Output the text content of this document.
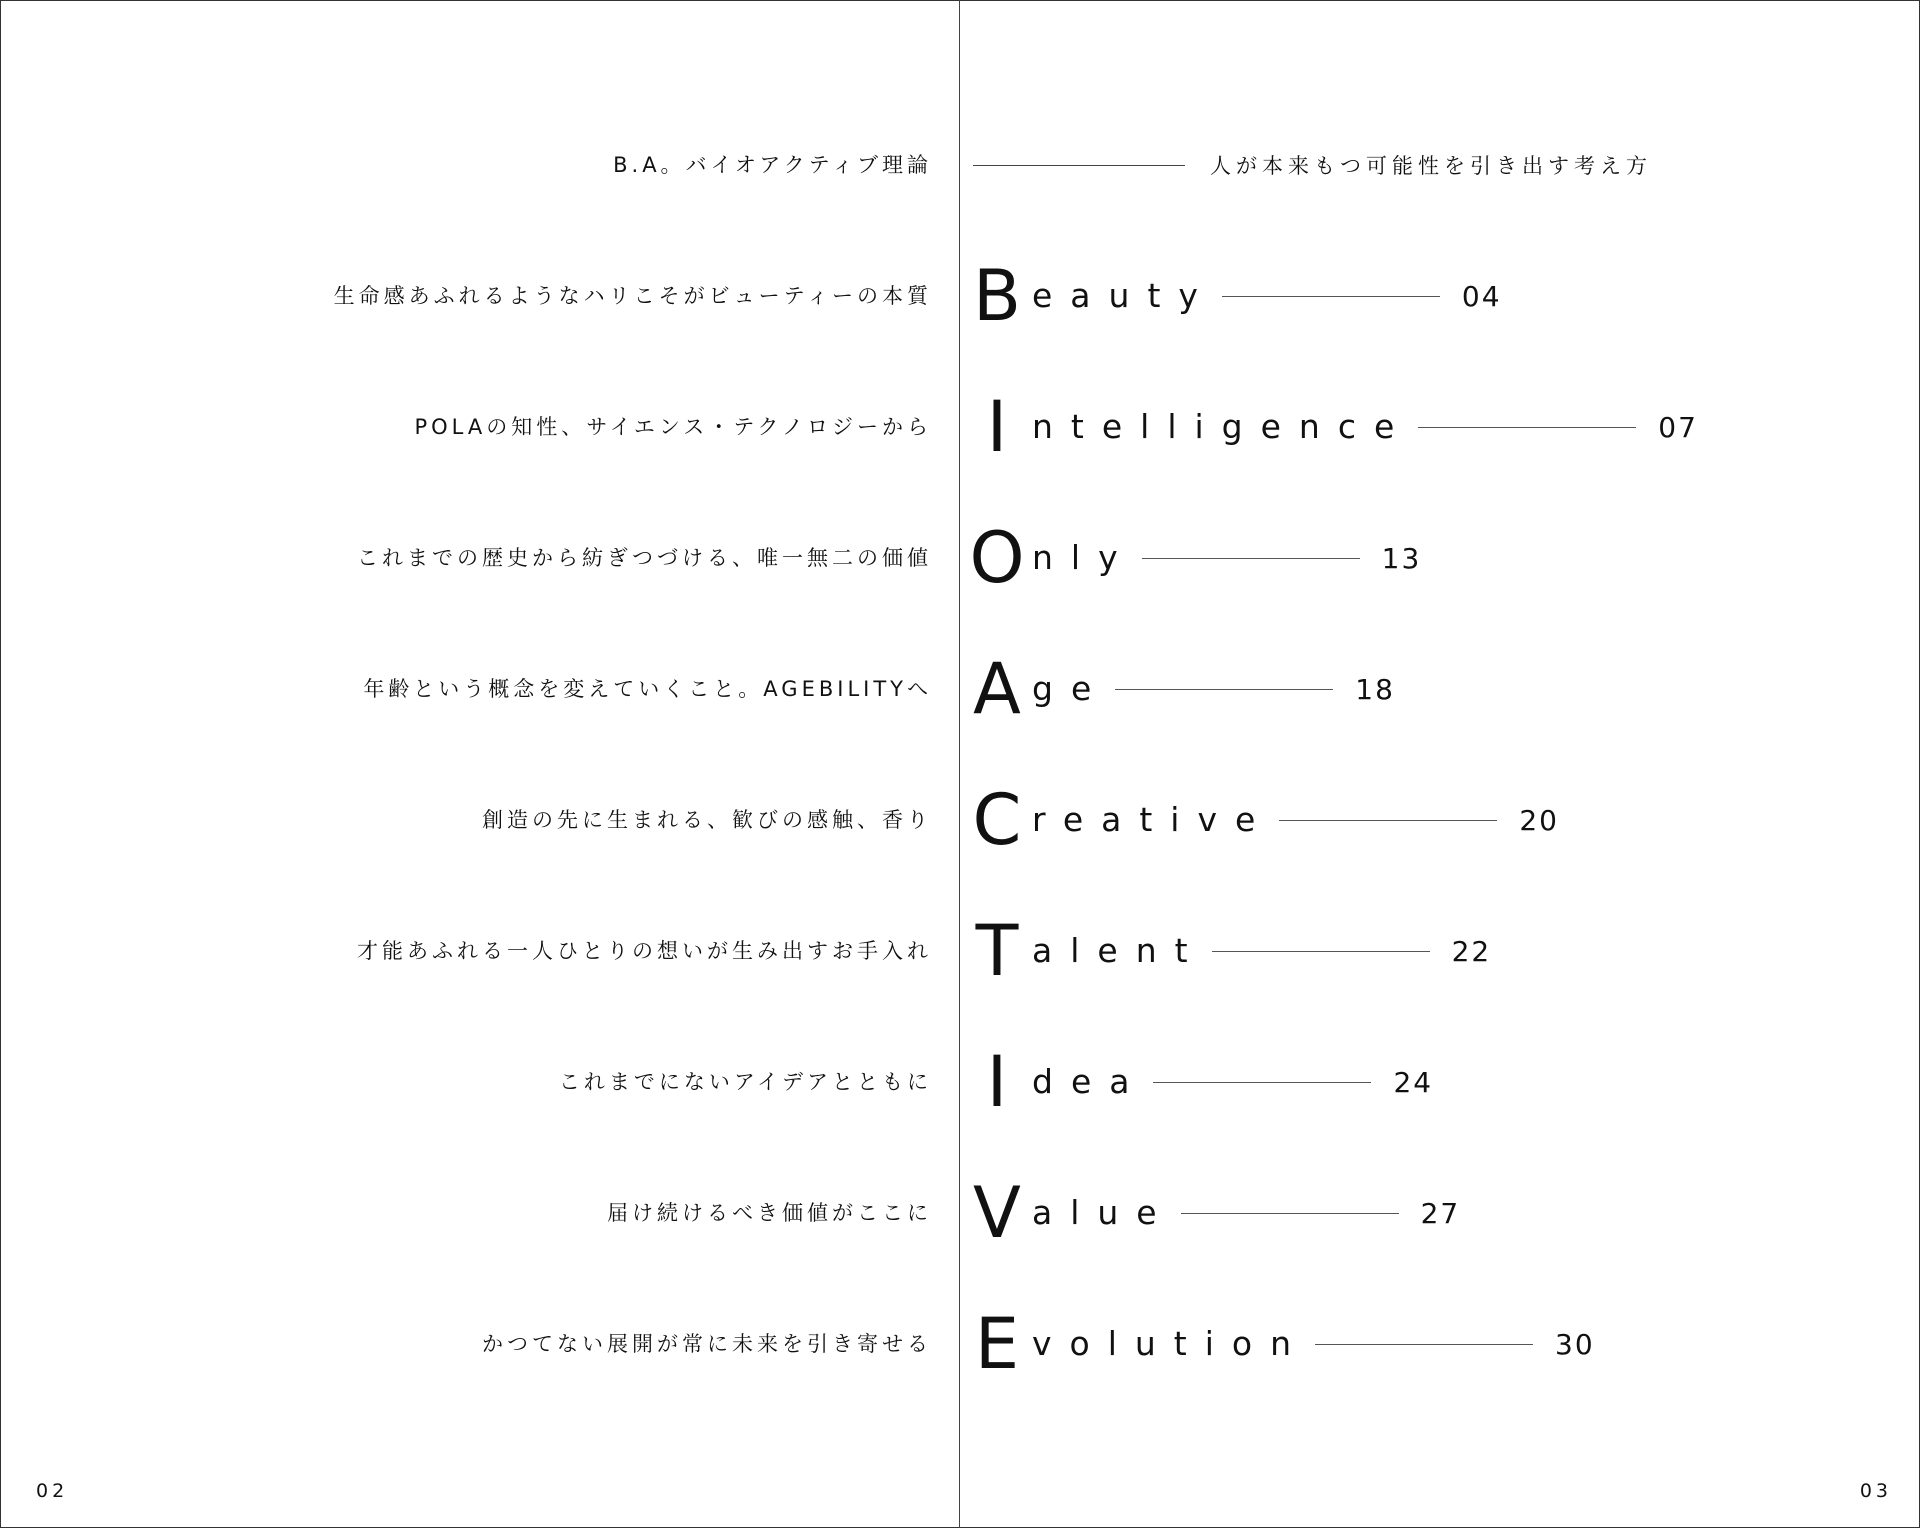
B.A。バイオアクティブ理論	人が本来もつ可能性を引き出す考え方
生命感あふれるようなハリこそがビューティーの本質 B eauty	04
POLAの知性、サイエンス・テクノロジーから I ntelligence	07
これまでの歴史から紡ぎつづける、唯一無二の価値 O nly	13
年齢という概念を変えていくこと。AGEBILITYへ A ge	18
創造の先に生まれる、歓びの感触、香り C reative	20
才能あふれる一人ひとりの想いが生み出すお手入れ T alent	22
これまでにないアイデアとともに I dea	24
届け続けるべき価値がここに V alue	27
かつてない展開が常に未来を引き寄せる E volution	30
02	03
